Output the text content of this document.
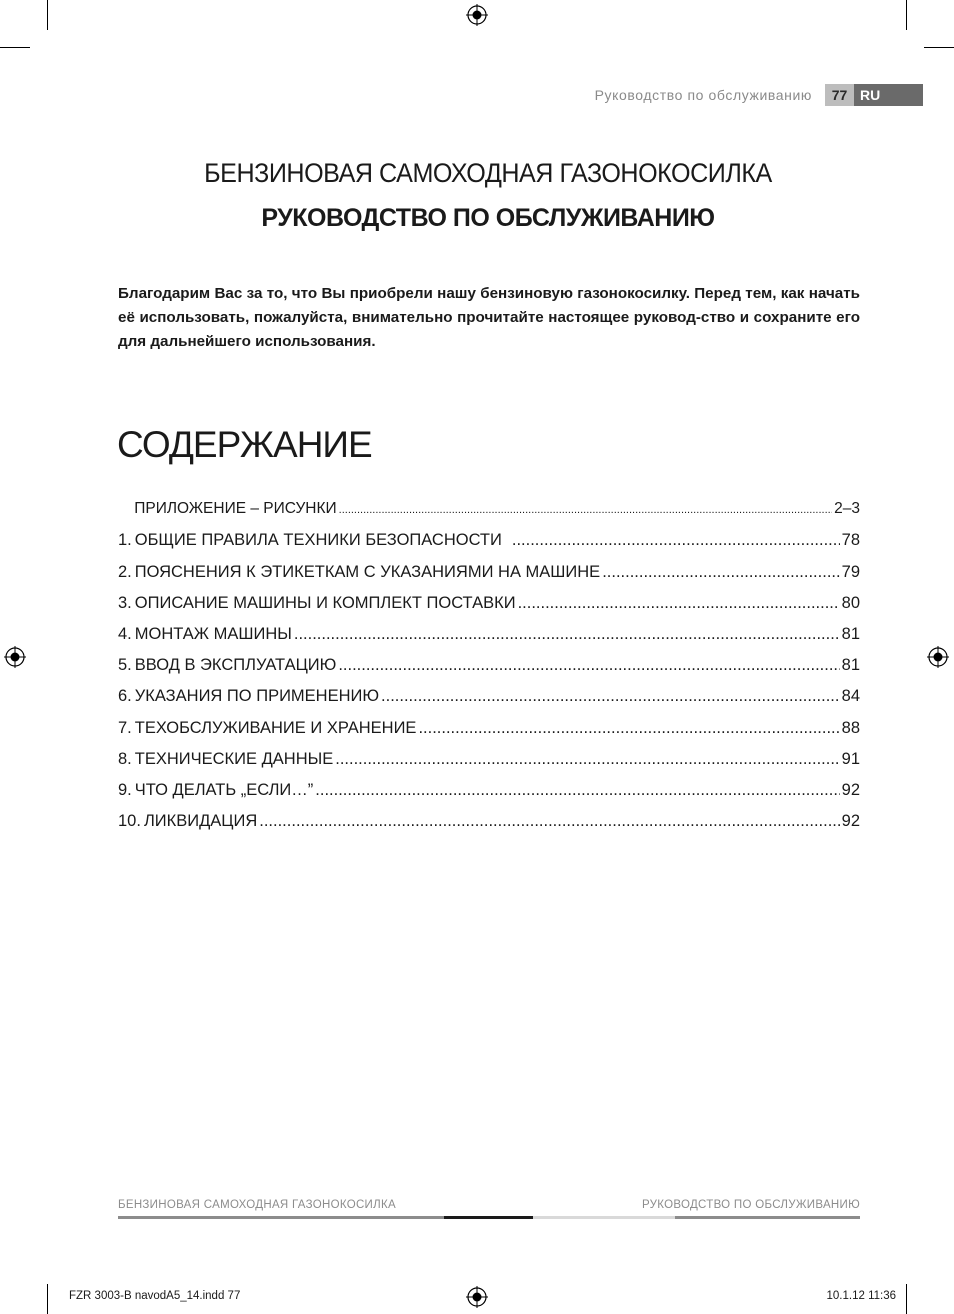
Руководство по обслуживанию	77 RU
БЕНЗИНОВАЯ САМОХОДНАЯ ГАЗОНОКОСИЛКА
РУКОВОДСТВО ПО ОБСЛУЖИВАНИЮ

Благодарим Вас за то, что Вы приобрели нашу бензиновую газонокосилку. Перед тем, как начать её использовать, пожалуйста, внимательно прочитайте настоящее руковод-ство и сохраните его для дальнейшего использования.

СОДЕРЖАНИЕ
ПРИЛОЖЕНИЕ – РИСУНКИ .....	2–3
1. ОБЩИЕ ПРАВИЛА ТЕХНИКИ БЕЗОПАСНОСТИ .....	78
2. ПОЯСНЕНИЯ К ЭТИКЕТКАМ С УКАЗАНИЯМИ НА МАШИНЕ .....	79
3. ОПИСАНИЕ МАШИНЫ И КОМПЛЕКТ ПОСТАВКИ .....	80
4. МОНТАЖ МАШИНЫ .....	81
5. ВВОД В ЭКСПЛУАТАЦИЮ .....	81
6. УКАЗАНИЯ ПО ПРИМЕНЕНИЮ .....	84
7. ТЕХОБСЛУЖИВАНИЕ И ХРАНЕНИЕ .....	88
8. ТЕХНИЧЕСКИЕ ДАННЫЕ .....	91
9. ЧТО ДЕЛАТЬ „ЕСЛИ…” .....	92
10. ЛИКВИДАЦИЯ .....	92
БЕНЗИНОВАЯ САМОХОДНАЯ ГАЗОНОКОСИЛКА	РУКОВОДСТВО ПО ОБСЛУЖИВАНИЮ
FZR 3003-B navodA5_14.indd 77	10.1.12 11:36
